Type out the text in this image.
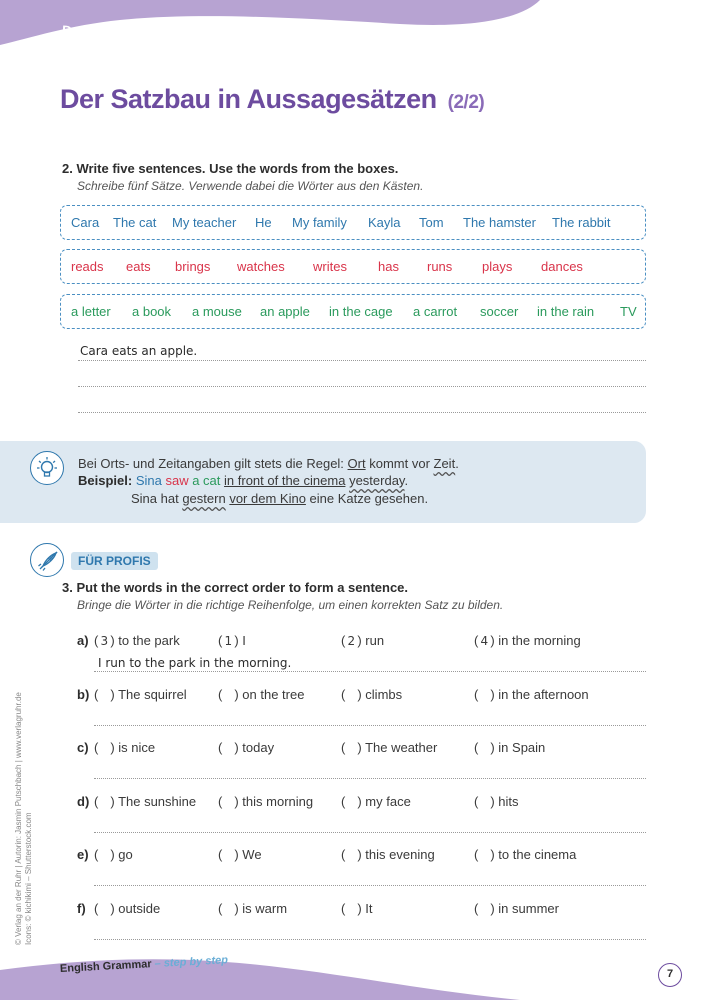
Der englische Satzbau
Der Satzbau in Aussagesätzen (2/2)
2. Write five sentences. Use the words from the boxes.
Schreibe fünf Sätze. Verwende dabei die Wörter aus den Kästen.
Cara	The cat	My teacher	He	My family	Kayla	Tom	The hamster	The rabbit
reads	eats	brings	watches	writes	has	runs	plays	dances
a letter	a book	a mouse	an apple	in the cage	a carrot	soccer	in the rain	TV
Cara eats an apple.
Bei Orts- und Zeitangaben gilt stets die Regel: Ort kommt vor Zeit.
Beispiel: Sina saw a cat in front of the cinema yesterday.
Sina hat gestern vor dem Kino eine Katze gesehen.
FÜR PROFIS
3. Put the words in the correct order to form a sentence.
Bringe die Wörter in die richtige Reihenfolge, um einen korrekten Satz zu bilden.
a) ( 3 ) to the park	( 1 ) I	( 2 ) run	( 4 ) in the morning
b) ( ) The squirrel ( ) on the tree	( ) climbs	( ) in the afternoon
c) ( ) is nice	( ) today	( ) The weather	( ) in Spain
d) ( ) The sunshine ( ) this morning ( ) my face	( ) hits
e) ( ) go	( ) We	( ) this evening	( ) to the cinema
f) ( ) outside	( ) is warm	( ) It	( ) in summer
I run to the park in the morning.
© Verlag an der Ruhr | Autorin: Jasmin Putschbach | www.verlagruhr.de Icons: © kichikimi – Shutterstock.com
English Grammar – step by step
7
